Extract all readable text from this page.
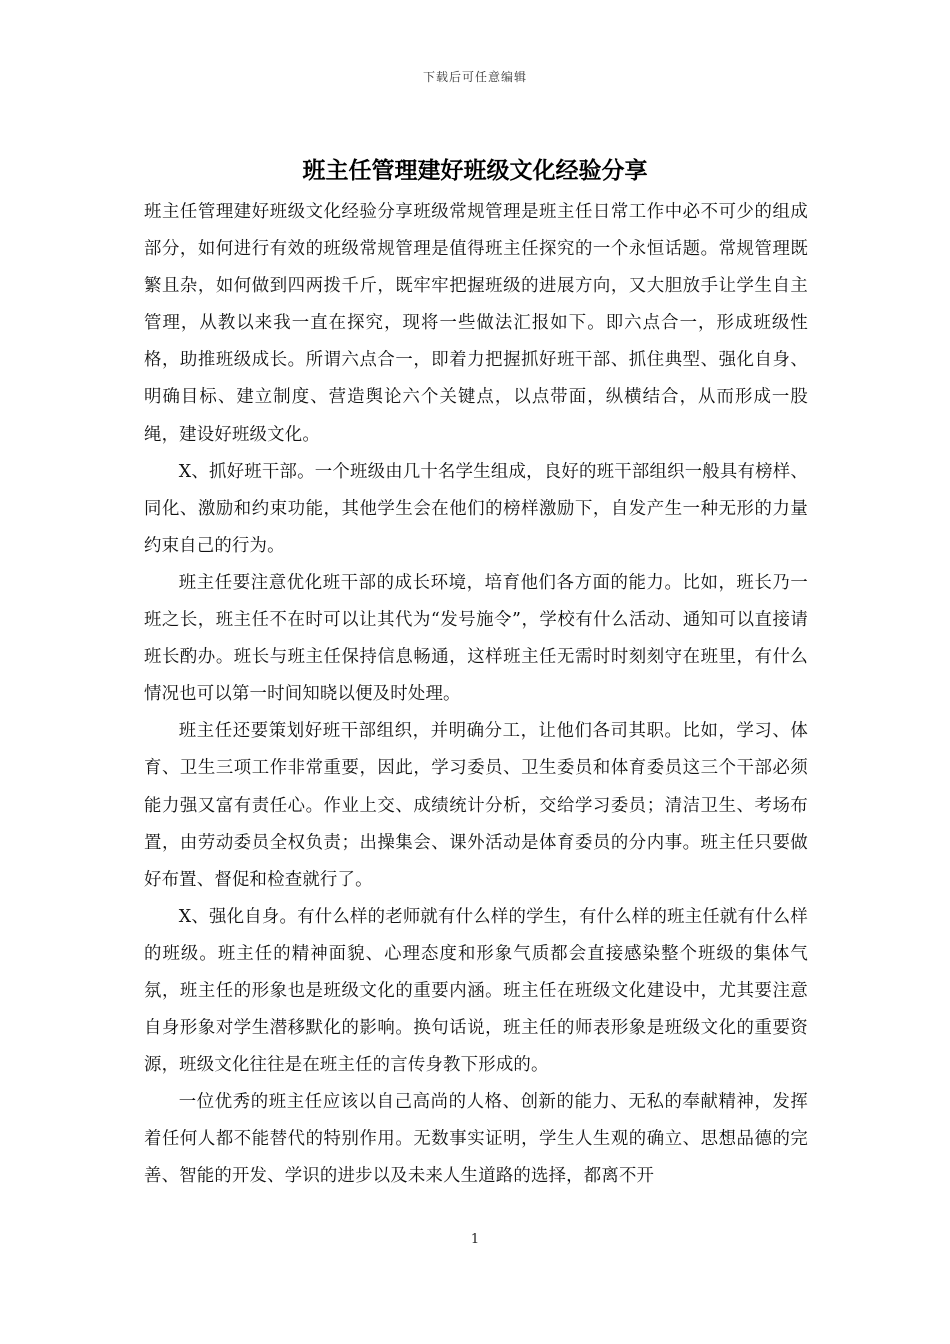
下载后可任意编辑
班主任管理建好班级文化经验分享

班主任管理建好班级文化经验分享班级常规管理是班主任日常工作中必不可少的组成部分，如何进行有效的班级常规管理是值得班主任探究的一个永恒话题。常规管理既繁且杂，如何做到四两拨千斤，既牢牢把握班级的进展方向，又大胆放手让学生自主管理，从教以来我一直在探究，现将一些做法汇报如下。即六点合一，形成班级性格，助推班级成长。所谓六点合一，即着力把握抓好班干部、抓住典型、强化自身、明确目标、建立制度、营造舆论六个关键点，以点带面，纵横结合，从而形成一股绳，建设好班级文化。

X、抓好班干部。一个班级由几十名学生组成，良好的班干部组织一般具有榜样、同化、激励和约束功能，其他学生会在他们的榜样激励下，自发产生一种无形的力量约束自己的行为。

班主任要注意优化班干部的成长环境，培育他们各方面的能力。比如，班长乃一班之长，班主任不在时可以让其代为“发号施令”，学校有什么活动、通知可以直接请班长酌办。班长与班主任保持信息畅通，这样班主任无需时时刻刻守在班里，有什么情况也可以第一时间知晓以便及时处理。

班主任还要策划好班干部组织，并明确分工，让他们各司其职。比如，学习、体育、卫生三项工作非常重要，因此，学习委员、卫生委员和体育委员这三个干部必须能力强又富有责任心。作业上交、成绩统计分析，交给学习委员；清洁卫生、考场布置，由劳动委员全权负责；出操集会、课外活动是体育委员的分内事。班主任只要做好布置、督促和检查就行了。

X、强化自身。有什么样的老师就有什么样的学生，有什么样的班主任就有什么样的班级。班主任的精神面貌、心理态度和形象气质都会直接感染整个班级的集体气氛，班主任的形象也是班级文化的重要内涵。班主任在班级文化建设中，尤其要注意自身形象对学生潜移默化的影响。换句话说，班主任的师表形象是班级文化的重要资源，班级文化往往是在班主任的言传身教下形成的。

一位优秀的班主任应该以自己高尚的人格、创新的能力、无私的奉献精神，发挥着任何人都不能替代的特别作用。无数事实证明，学生人生观的确立、思想品德的完善、智能的开发、学识的进步以及未来人生道路的选择，都离不开

1
